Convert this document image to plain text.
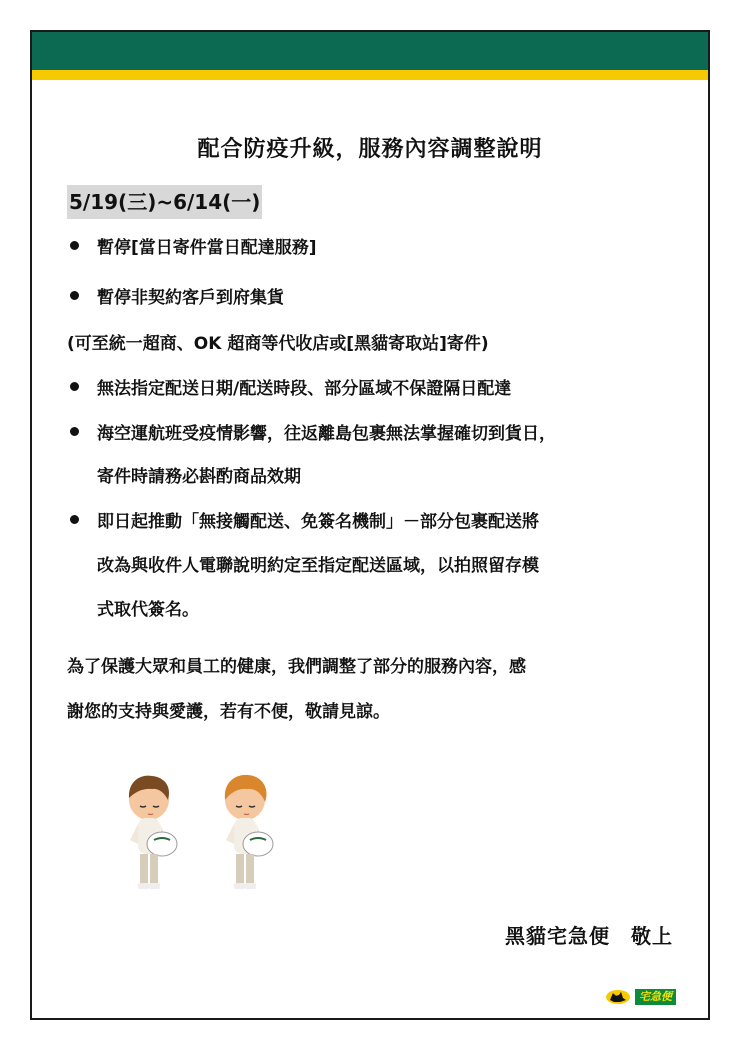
配合防疫升級，服務內容調整說明
5/19(三)~6/14(一)
暫停[當日寄件當日配達服務]
暫停非契約客戶到府集貨
(可至統一超商、OK 超商等代收店或[黑貓寄取站]寄件)
無法指定配送日期/配送時段、部分區域不保證隔日配達
海空運航班受疫情影響，往返離島包裹無法掌握確切到貨日，
寄件時請務必斟酌商品效期
即日起推動「無接觸配送、免簽名機制」－部分包裹配送將
改為與收件人電聯說明約定至指定配送區域，以拍照留存模
式取代簽名。
為了保護大眾和員工的健康，我們調整了部分的服務內容，感
謝您的支持與愛護，若有不便，敬請見諒。
黑貓宅急便　敬上
宅急便
